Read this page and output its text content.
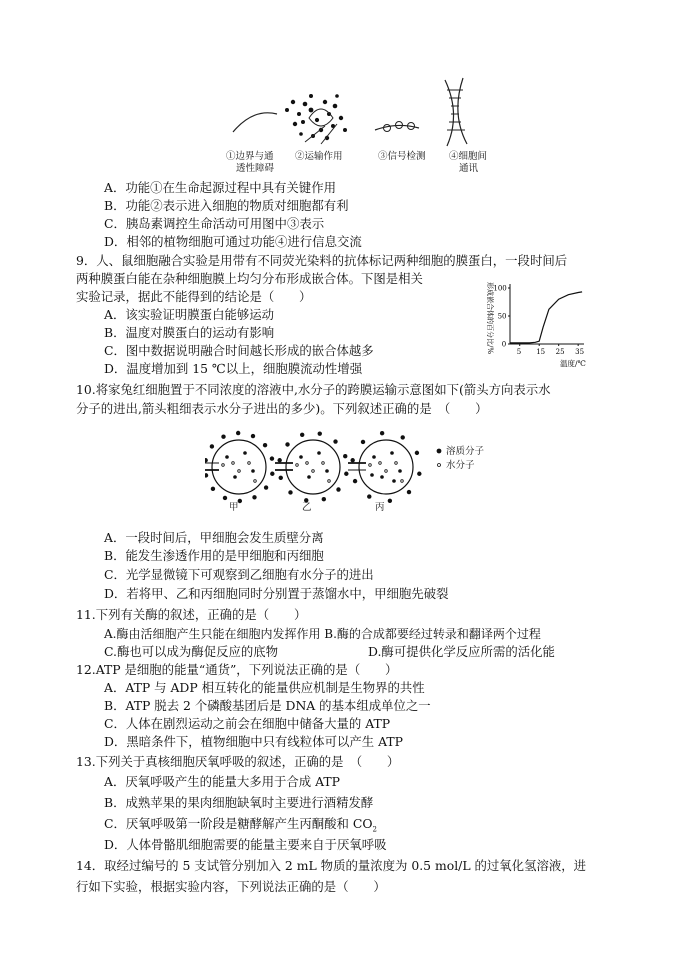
①边界与通
透性障碍
②运输作用	③信号检测 ④细胞间
通讯
A．功能①在生命起源过程中具有关键作用
B．功能②表示进入细胞的物质对细胞都有利
C．胰岛素调控生命活动可用图中③表示
D．相邻的植物细胞可通过功能④进行信息交流
9．人、鼠细胞融合实验是用带有不同荧光染料的抗体标记两种细胞的膜蛋白，一段时间后
两种膜蛋白能在杂种细胞膜上均匀分布形成嵌合体。下图是相关
实验记录，据此不能得到的结论是（　　）
A．该实验证明膜蛋白能够运动
B．温度对膜蛋白的运动有影响
C．图中数据说明融合时间越长形成的嵌合体越多
D．温度增加到 15 ℃以上，细胞膜流动性增强
形成嵌合体的百分比/%	5 15 25 35
0
50
100
温度/℃
10.将家兔红细胞置于不同浓度的溶液中,水分子的跨膜运输示意图如下(箭头方向表示水
分子的进出,箭头粗细表示水分子进出的多少)。下列叙述正确的是　（　　）
溶质分子
水分子
甲	乙	丙
A．一段时间后，甲细胞会发生质壁分离
B．能发生渗透作用的是甲细胞和丙细胞
C．光学显微镜下可观察到乙细胞有水分子的进出
D．若将甲、乙和丙细胞同时分别置于蒸馏水中，甲细胞先破裂
11.下列有关酶的叙述，正确的是（　　）
A.酶由活细胞产生只能在细胞内发挥作用 B.酶的合成都要经过转录和翻译两个过程
C.酶也可以成为酶促反应的底物	D.酶可提供化学反应所需的活化能
12.ATP 是细胞的能量“通货”，下列说法正确的是（　　）
A．ATP 与 ADP 相互转化的能量供应机制是生物界的共性
B．ATP 脱去 2 个磷酸基团后是 DNA 的基本组成单位之一
C．人体在剧烈运动之前会在细胞中储备大量的 ATP
D．黑暗条件下，植物细胞中只有线粒体可以产生 ATP
13.下列关于真核细胞厌氧呼吸的叙述，正确的是　（　　）
A．厌氧呼吸产生的能量大多用于合成 ATP
B．成熟苹果的果肉细胞缺氧时主要进行酒精发酵
C．厌氧呼吸第一阶段是糖酵解产生丙酮酸和 $CO_2$
D．人体骨骼肌细胞需要的能量主要来自于厌氧呼吸
14．取经过编号的 5 支试管分别加入 2 mL 物质的量浓度为 0.5 mol/L 的过氧化氢溶液，进
行如下实验，根据实验内容，下列说法正确的是（　　）
